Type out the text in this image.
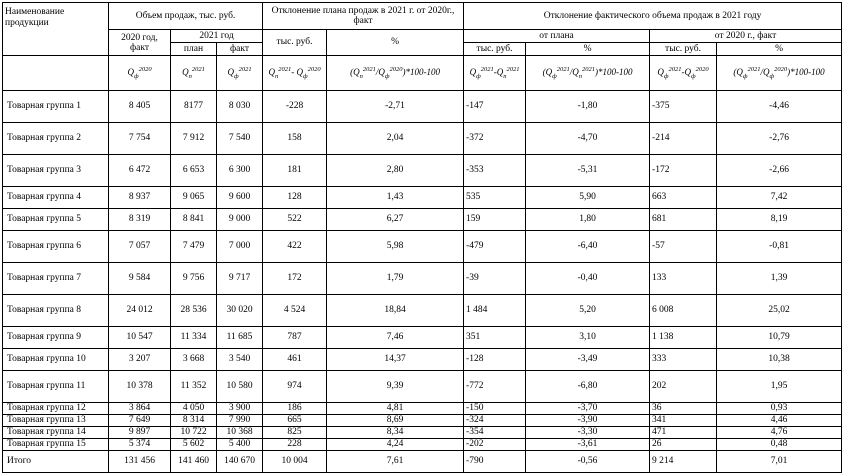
Наименование продукции	Объем продаж, тыс. руб.			Отклонение плана продаж в 2021 г. от 2020г., факт		Отклонение фактического объема продаж в 2021 году			
	2020 год, факт	2021 год		тыс. руб.	%	от плана		от 2020 г., факт	
		план	факт			тыс. руб.	%	тыс. руб.	%
	$Q_ф^{2020}$	$Q_п^{2021}$	$Q_ф^{2021}$	$Q_п^{2021}-$ $Q_ф^{2020}$	$(Q_п^{2021}/Q_ф^{2020})*100-100$	$Q_ф^{2021}-Q_п^{2021}$	$(Q_ф^{2021}/Q_п^{2021})*100-100$	$Q_ф^{2021}-Q_ф^{2020}$	$(Q_ф^{2021}/Q_ф^{2020})*100-100$
Товарная группа 1	8 405	8177	8 030	-228	-2,71	-147	-1,80	-375	-4,46
Товарная группа 2	7 754	7 912	7 540	158	2,04	-372	-4,70	-214	-2,76
Товарная группа 3	6 472	6 653	6 300	181	2,80	-353	-5,31	-172	-2,66
Товарная группа 4	8 937	9 065	9 600	128	1,43	535	5,90	663	7,42
Товарная группа 5	8 319	8 841	9 000	522	6,27	159	1,80	681	8,19
Товарная группа 6	7 057	7 479	7 000	422	5,98	-479	-6,40	-57	-0,81
Товарная группа 7	9 584	9 756	9 717	172	1,79	-39	-0,40	133	1,39
Товарная группа 8	24 012	28 536	30 020	4 524	18,84	1 484	5,20	6 008	25,02
Товарная группа 9	10 547	11 334	11 685	787	7,46	351	3,10	1 138	10,79
Товарная группа 10	3 207	3 668	3 540	461	14,37	-128	-3,49	333	10,38
Товарная группа 11	10 378	11 352	10 580	974	9,39	-772	-6,80	202	1,95
Товарная группа 12	3 864	4 050	3 900	186	4,81	-150	-3,70	36	0,93
Товарная группа 13	7 649	8 314	7 990	665	8,69	-324	-3,90	341	4,46
Товарная группа 14	9 897	10 722	10 368	825	8,34	-354	-3,30	471	4,76
Товарная группа 15	5 374	5 602	5 400	228	4,24	-202	-3,61	26	0,48
Итого	131 456	141 460	140 670	10 004	7,61	-790	-0,56	9 214	7,01
